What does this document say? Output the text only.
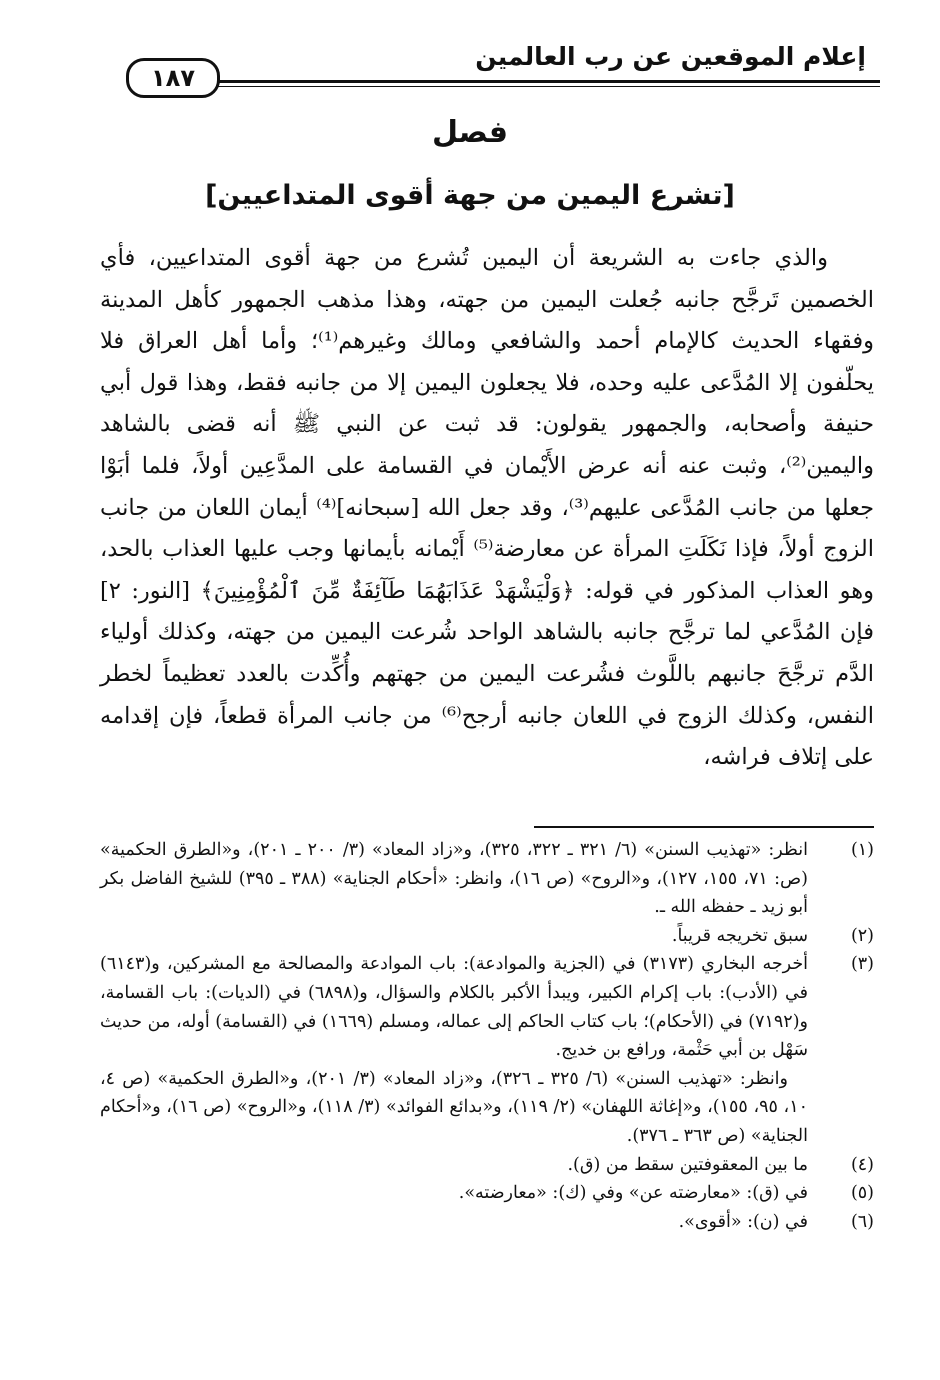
إعلام الموقعين عن رب العالمين
١٨٧
فصل
[تشرع اليمين من جهة أقوى المتداعيين]

والذي جاءت به الشريعة أن اليمين تُشرع من جهة أقوى المتداعيين، فأي الخصمين تَرجَّح جانبه جُعلت اليمين من جهته، وهذا مذهب الجمهور كأهل المدينة وفقهاء الحديث كالإمام أحمد والشافعي ومالك وغيرهم⁽¹⁾؛ وأما أهل العراق فلا يحلّفون إلا المُدَّعى عليه وحده، فلا يجعلون اليمين إلا من جانبه فقط، وهذا قول أبي حنيفة وأصحابه، والجمهور يقولون: قد ثبت عن النبي ﷺ أنه قضى بالشاهد واليمين⁽²⁾، وثبت عنه أنه عرض الأَيْمان في القسامة على المدَّعِين أولاً، فلما أبَوْا جعلها من جانب المُدَّعى عليهم⁽³⁾، وقد جعل الله [سبحانه]⁽⁴⁾ أيمان اللعان من جانب الزوج أولاً، فإذا نَكَلَتِ المرأة عن معارضة⁽⁵⁾ أَيْمانه بأيمانها وجب عليها العذاب بالحد، وهو العذاب المذكور في قوله: ﴿وَلْيَشْهَدْ عَذَابَهُمَا طَآئِفَةٌ مِّنَ ٱلْمُؤْمِنِينَ﴾ [النور: ٢] فإن المُدَّعي لما ترجَّح جانبه بالشاهد الواحد شُرعت اليمين من جهته، وكذلك أولياء الدَّم ترجَّحَ جانبهم باللَّوث فشُرعت اليمين من جهتهم وأُكِّدت بالعدد تعظيماً لخطر النفس، وكذلك الزوج في اللعان جانبه أرجح⁽⁶⁾ من جانب المرأة قطعاً، فإن إقدامه على إتلاف فراشه،

(١)
انظر: «تهذيب السنن» (٦/ ٣٢١ ـ ٣٢٢، ٣٢٥)، و«زاد المعاد» (٣/ ٢٠٠ ـ ٢٠١)، و«الطرق الحكمية» (ص: ٧١، ١٥٥، ١٢٧)، و«الروح» (ص ١٦)، وانظر: «أحكام الجناية» (٣٨٨ ـ ٣٩٥) للشيخ الفاضل بكر أبو زيد ـ حفظه الله ـ.
(٢)
سبق تخريجه قريباً.
(٣)
أخرجه البخاري (٣١٧٣) في (الجزية والموادعة): باب الموادعة والمصالحة مع المشركين، و(٦١٤٣) في (الأدب): باب إكرام الكبير، ويبدأ الأكبر بالكلام والسؤال، و(٦٨٩٨) في (الديات): باب القسامة، و(٧١٩٢) في (الأحكام)؛ باب كتاب الحاكم إلى عماله، ومسلم (١٦٦٩) في (القسامة) أوله، من حديث سَهْل بن أبي حَثْمة، ورافع بن خديج.
وانظر: «تهذيب السنن» (٦/ ٣٢٥ ـ ٣٢٦)، و«زاد المعاد» (٣/ ٢٠١)، و«الطرق الحكمية» (ص ٤، ١٠، ٩٥، ١٥٥)، و«إغاثة اللهفان» (٢/ ١١٩)، و«بدائع الفوائد» (٣/ ١١٨)، و«الروح» (ص ١٦)، و«أحكام الجناية» (ص ٣٦٣ ـ ٣٧٦).
(٤)
ما بين المعقوفتين سقط من (ق).
(٥)
في (ق): «معارضته عن» وفي (ك): «معارضته».
(٦)
في (ن): «أقوى».
